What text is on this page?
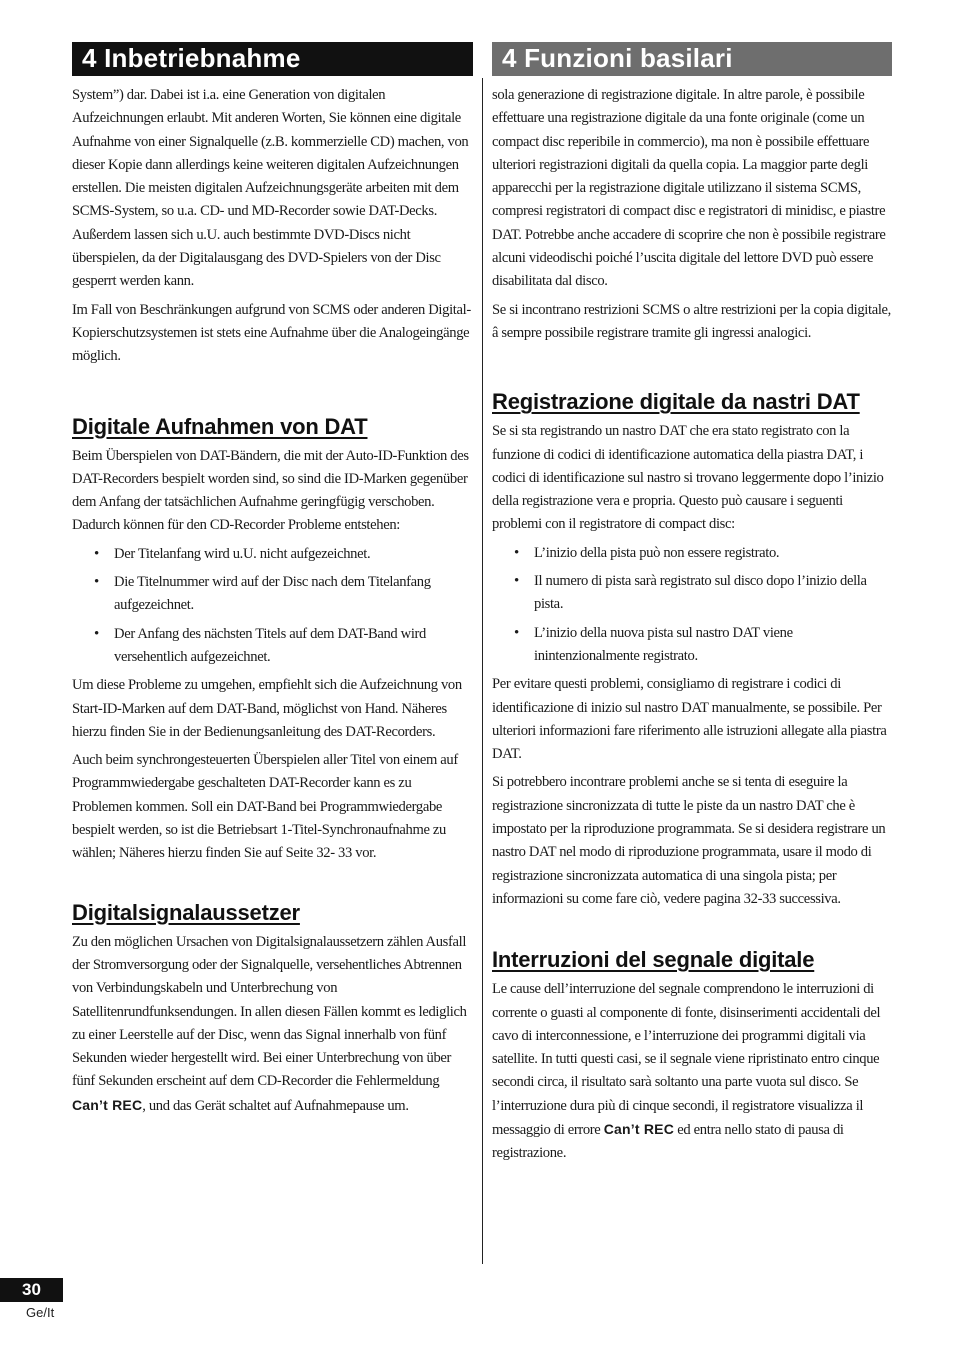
4 Inbetriebnahme

System”) dar. Dabei ist i.a. eine Generation von digitalen Aufzeichnungen erlaubt. Mit anderen Worten, Sie können eine digitale Aufnahme von einer Signalquelle (z.B. kommerzielle CD) machen, von dieser Kopie dann allerdings keine weiteren digitalen Aufzeichnungen erstellen. Die meisten digitalen Aufzeichnungsgeräte arbeiten mit dem SCMS-System, so u.a. CD- und MD-Recorder sowie DAT-Decks. Außerdem lassen sich u.U. auch bestimmte DVD-Discs nicht überspielen, da der Digitalausgang des DVD-Spielers von der Disc gesperrt werden kann.

Im Fall von Beschränkungen aufgrund von SCMS oder anderen Digital-Kopierschutzsystemen ist stets eine Aufnahme über die Analogeingänge möglich.

Digitale Aufnahmen von DAT

Beim Überspielen von DAT-Bändern, die mit der Auto-ID-Funktion des DAT-Recorders bespielt worden sind, so sind die ID-Marken gegenüber dem Anfang der tatsächlichen Aufnahme geringfügig verschoben. Dadurch können für den CD-Recorder Probleme entstehen:

• Der Titelanfang wird u.U. nicht aufgezeichnet.
• Die Titelnummer wird auf der Disc nach dem Titelanfang aufgezeichnet.
• Der Anfang des nächsten Titels auf dem DAT-Band wird versehentlich aufgezeichnet.

Um diese Probleme zu umgehen, empfiehlt sich die Aufzeichnung von Start-ID-Marken auf dem DAT-Band, möglichst von Hand. Näheres hierzu finden Sie in der Bedienungsanleitung des DAT-Recorders.

Auch beim synchrongesteuerten Überspielen aller Titel von einem auf Programmwiedergabe geschalteten DAT-Recorder kann es zu Problemen kommen. Soll ein DAT-Band bei Programmwiedergabe bespielt werden, so ist die Betriebsart 1-Titel-Synchronaufnahme zu wählen; Näheres hierzu finden Sie auf Seite 32- 33 vor.

Digitalsignalaussetzer

Zu den möglichen Ursachen von Digitalsignalaussetzern zählen Ausfall der Stromversorgung oder der Signalquelle, versehentliches Abtrennen von Verbindungskabeln und Unterbrechung von Satellitenrundfunksendungen. In allen diesen Fällen kommt es lediglich zu einer Leerstelle auf der Disc, wenn das Signal innerhalb von fünf Sekunden wieder hergestellt wird. Bei einer Unterbrechung von über fünf Sekunden erscheint auf dem CD-Recorder die Fehlermeldung Can’t REC, und das Gerät schaltet auf Aufnahmepause um.

4 Funzioni basilari

sola generazione di registrazione digitale. In altre parole, è possibile effettuare una registrazione digitale da una fonte originale (come un compact disc reperibile in commercio), ma non è possibile effettuare ulteriori registrazioni digitali da quella copia. La maggior parte degli apparecchi per la registrazione digitale utilizzano il sistema SCMS, compresi registratori di compact disc e registratori di minidisc, e piastre DAT. Potrebbe anche accadere di scoprire che non è possibile registrare alcuni videodischi poiché l’uscita digitale del lettore DVD può essere disabilitata dal disco.

Se si incontrano restrizioni SCMS o altre restrizioni per la copia digitale, â sempre possibile registrare tramite gli ingressi analogici.

Registrazione digitale da nastri DAT

Se si sta registrando un nastro DAT che era stato registrato con la funzione di codici di identificazione automatica della piastra DAT, i codici di identificazione sul nastro si trovano leggermente dopo l’inizio della registrazione vera e propria. Questo può causare i seguenti problemi con il registratore di compact disc:

• L’inizio della pista può non essere registrato.
• Il numero di pista sarà registrato sul disco dopo l’inizio della pista.
• L’inizio della nuova pista sul nastro DAT viene inintenzionalmente registrato.

Per evitare questi problemi, consigliamo di registrare i codici di identificazione di inizio sul nastro DAT manualmente, se possibile. Per ulteriori informazioni fare riferimento alle istruzioni allegate alla piastra DAT.

Si potrebbero incontrare problemi anche se si tenta di eseguire la registrazione sincronizzata di tutte le piste da un nastro DAT che è impostato per la riproduzione programmata. Se si desidera registrare un nastro DAT nel modo di riproduzione programmata, usare il modo di registrazione sincronizzata automatica di una singola pista; per informazioni su come fare ciò, vedere pagina 32-33 successiva.

Interruzioni del segnale digitale

Le cause dell’interruzione del segnale comprendono le interruzioni di corrente o guasti al componente di fonte, disinserimenti accidentali del cavo di interconnessione, e l’interruzione dei programmi digitali via satellite. In tutti questi casi, se il segnale viene ripristinato entro cinque secondi circa, il risultato sarà soltanto una parte vuota sul disco. Se l’interruzione dura più di cinque secondi, il registratore visualizza il messaggio di errore Can’t REC ed entra nello stato di pausa di registrazione.

30
Ge/It
